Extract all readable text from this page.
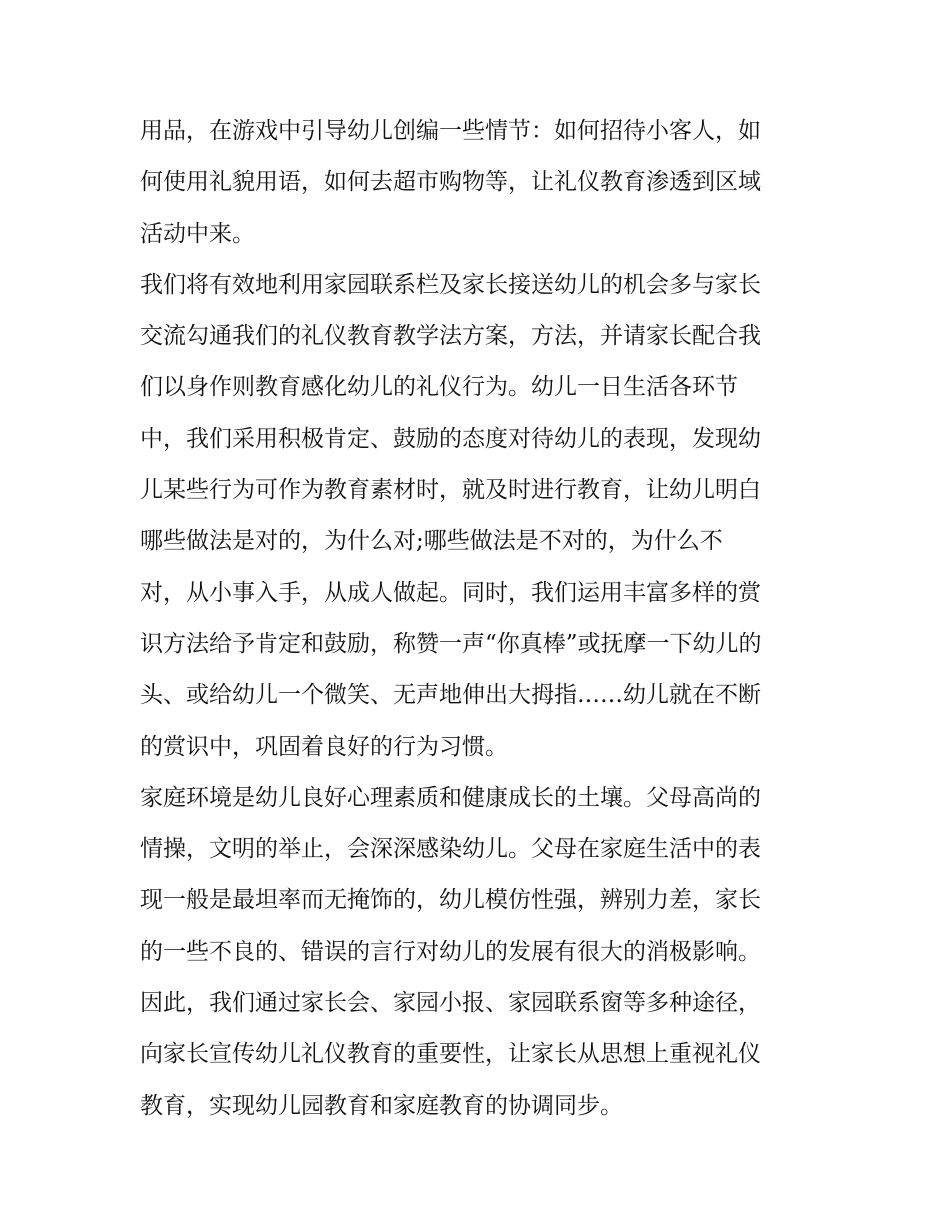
用品，在游戏中引导幼儿创编一些情节：如何招待小客人，如
何使用礼貌用语，如何去超市购物等，让礼仪教育渗透到区域
活动中来。
我们将有效地利用家园联系栏及家长接送幼儿的机会多与家长
交流勾通我们的礼仪教育教学法方案，方法，并请家长配合我
们以身作则教育感化幼儿的礼仪行为。幼儿一日生活各环节
中，我们采用积极肯定、鼓励的态度对待幼儿的表现，发现幼
儿某些行为可作为教育素材时，就及时进行教育，让幼儿明白
哪些做法是对的，为什么对;哪些做法是不对的，为什么不
对，从小事入手，从成人做起。同时，我们运用丰富多样的赏
识方法给予肯定和鼓励，称赞一声“你真棒”或抚摩一下幼儿的
头、或给幼儿一个微笑、无声地伸出大拇指……幼儿就在不断
的赏识中，巩固着良好的行为习惯。
家庭环境是幼儿良好心理素质和健康成长的土壤。父母高尚的
情操，文明的举止，会深深感染幼儿。父母在家庭生活中的表
现一般是最坦率而无掩饰的，幼儿模仿性强，辨别力差，家长
的一些不良的、错误的言行对幼儿的发展有很大的消极影响。
因此，我们通过家长会、家园小报、家园联系窗等多种途径，
向家长宣传幼儿礼仪教育的重要性，让家长从思想上重视礼仪
教育，实现幼儿园教育和家庭教育的协调同步。
